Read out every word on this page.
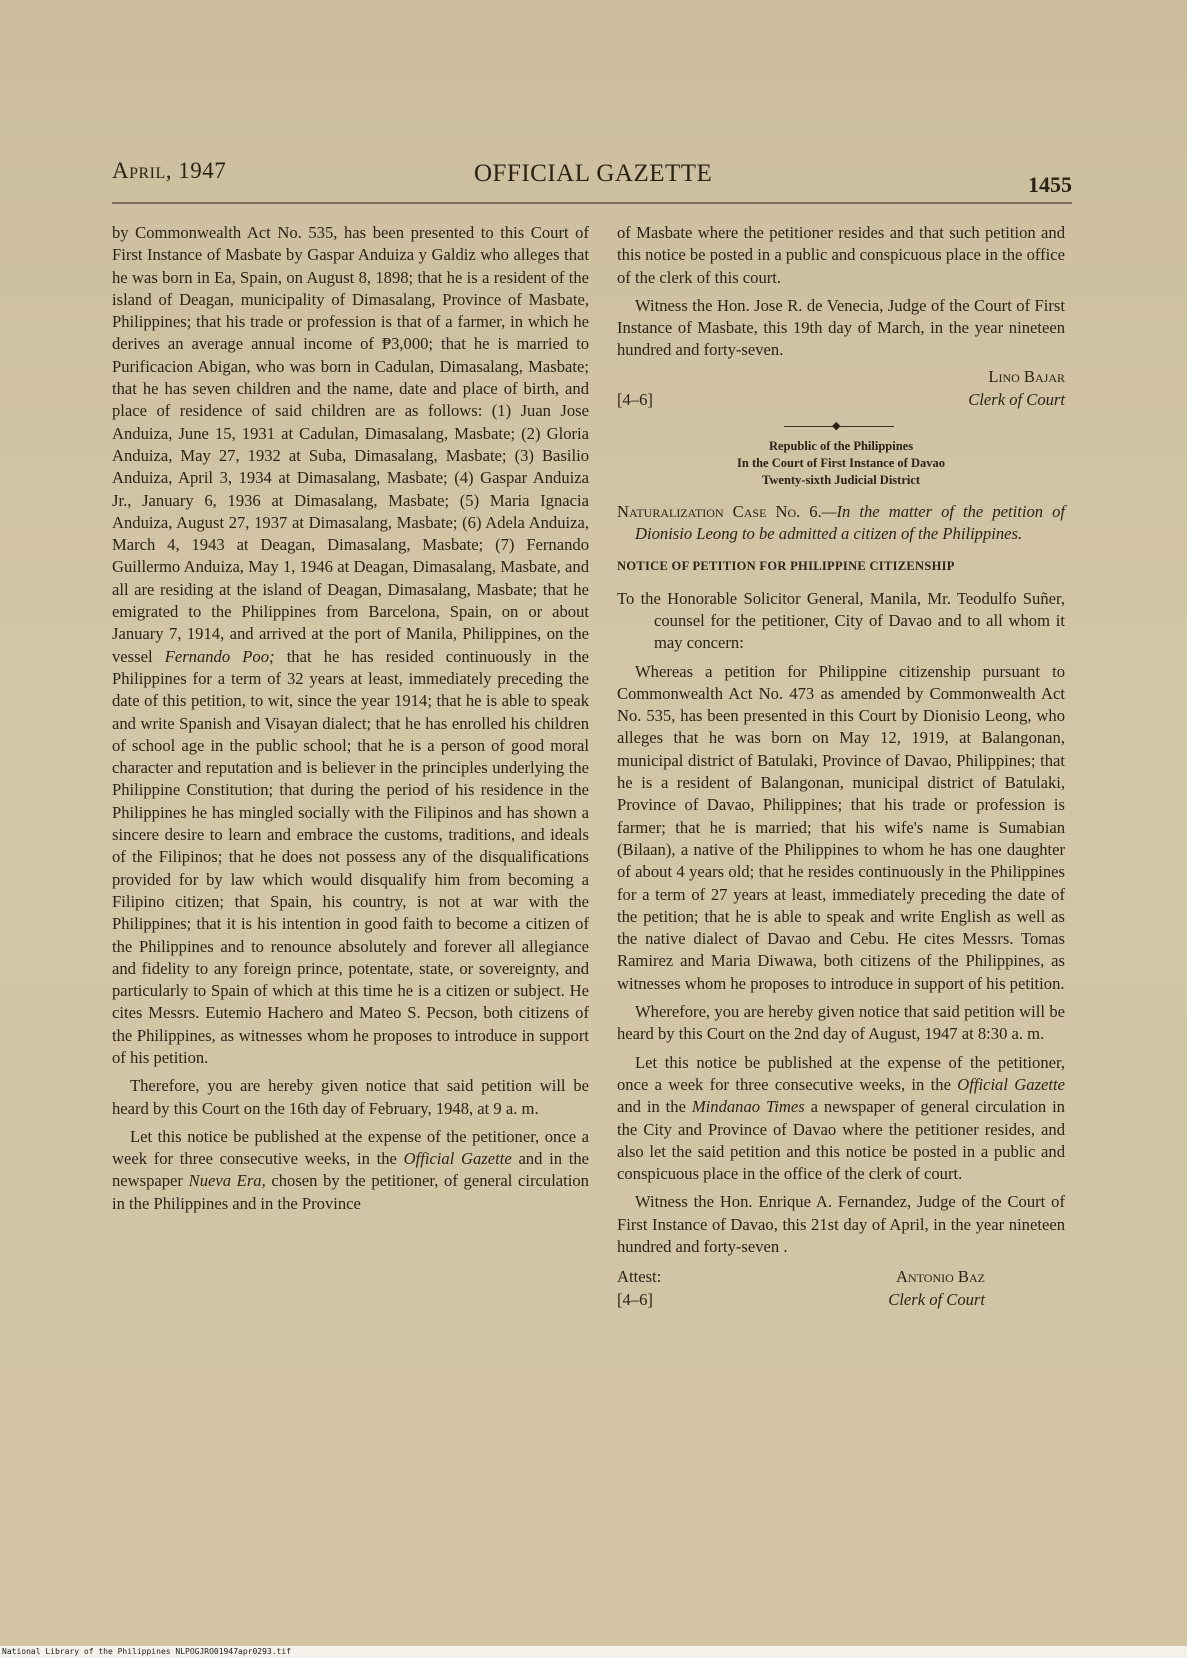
April, 1947	OFFICIAL GAZETTE	1455

by Commonwealth Act No. 535, has been presented to this Court of First Instance of Masbate by Gaspar Anduiza y Galdiz who alleges that he was born in Ea, Spain, on August 8, 1898; that he is a resident of the island of Deagan, municipality of Dimasalang, Province of Masbate, Philippines; that his trade or profession is that of a farmer, in which he derives an average annual income of ₱3,000; that he is married to Purificacion Abigan, who was born in Cadulan, Dimasalang, Masbate; that he has seven children and the name, date and place of birth, and place of residence of said children are as follows: (1) Juan Jose Anduiza, June 15, 1931 at Cadulan, Dimasalang, Masbate; (2) Gloria Anduiza, May 27, 1932 at Suba, Dimasalang, Masbate; (3) Basilio Anduiza, April 3, 1934 at Dimasalang, Masbate; (4) Gaspar Anduiza Jr., January 6, 1936 at Dimasalang, Masbate; (5) Maria Ignacia Anduiza, August 27, 1937 at Dimasalang, Masbate; (6) Adela Anduiza, March 4, 1943 at Deagan, Dimasalang, Masbate; (7) Fernando Guillermo Anduiza, May 1, 1946 at Deagan, Dimasalang, Masbate, and all are residing at the island of Deagan, Dimasalang, Masbate; that he emigrated to the Philippines from Barcelona, Spain, on or about January 7, 1914, and arrived at the port of Manila, Philippines, on the vessel Fernando Poo; that he has resided continuously in the Philippines for a term of 32 years at least, immediately preceding the date of this petition, to wit, since the year 1914; that he is able to speak and write Spanish and Visayan dialect; that he has enrolled his children of school age in the public school; that he is a person of good moral character and reputation and is believer in the principles underlying the Philippine Constitution; that during the period of his residence in the Philippines he has mingled socially with the Filipinos and has shown a sincere desire to learn and embrace the customs, traditions, and ideals of the Filipinos; that he does not possess any of the disqualifications provided for by law which would disqualify him from becoming a Filipino citizen; that Spain, his country, is not at war with the Philippines; that it is his intention in good faith to become a citizen of the Philippines and to renounce absolutely and forever all allegiance and fidelity to any foreign prince, potentate, state, or sovereignty, and particularly to Spain of which at this time he is a citizen or subject. He cites Messrs. Eutemio Hachero and Mateo S. Pecson, both citizens of the Philippines, as witnesses whom he proposes to introduce in support of his petition.

Therefore, you are hereby given notice that said petition will be heard by this Court on the 16th day of February, 1948, at 9 a. m.

Let this notice be published at the expense of the petitioner, once a week for three consecutive weeks, in the Official Gazette and in the newspaper Nueva Era, chosen by the petitioner, of general circulation in the Philippines and in the Province

of Masbate where the petitioner resides and that such petition and this notice be posted in a public and conspicuous place in the office of the clerk of this court.

Witness the Hon. Jose R. de Venecia, Judge of the Court of First Instance of Masbate, this 19th day of March, in the year nineteen hundred and forty-seven.

Lino Bajar
[4–6]	Clerk of Court
◆
Republic of the Philippines
In the Court of First Instance of Davao
Twenty-sixth Judicial District

Naturalization Case No. 6.—In the matter of the petition of Dionisio Leong to be admitted a citizen of the Philippines.

NOTICE OF PETITION FOR PHILIPPINE CITIZENSHIP

To the Honorable Solicitor General, Manila, Mr. Teodulfo Suñer, counsel for the petitioner, City of Davao and to all whom it may concern:

Whereas a petition for Philippine citizenship pursuant to Commonwealth Act No. 473 as amended by Commonwealth Act No. 535, has been presented in this Court by Dionisio Leong, who alleges that he was born on May 12, 1919, at Balangonan, municipal district of Batulaki, Province of Davao, Philippines; that he is a resident of Balangonan, municipal district of Batulaki, Province of Davao, Philippines; that his trade or profession is farmer; that he is married; that his wife's name is Sumabian (Bilaan), a native of the Philippines to whom he has one daughter of about 4 years old; that he resides continuously in the Philippines for a term of 27 years at least, immediately preceding the date of the petition; that he is able to speak and write English as well as the native dialect of Davao and Cebu. He cites Messrs. Tomas Ramirez and Maria Diwawa, both citizens of the Philippines, as witnesses whom he proposes to introduce in support of his petition.

Wherefore, you are hereby given notice that said petition will be heard by this Court on the 2nd day of August, 1947 at 8:30 a. m.

Let this notice be published at the expense of the petitioner, once a week for three consecutive weeks, in the Official Gazette and in the Mindanao Times a newspaper of general circulation in the City and Province of Davao where the petitioner resides, and also let the said petition and this notice be posted in a public and conspicuous place in the office of the clerk of court.

Witness the Hon. Enrique A. Fernandez, Judge of the Court of First Instance of Davao, this 21st day of April, in the year nineteen hundred and forty-seven .

Attest:
[4–6]
Antonio Baz
Clerk of Court
National Library of the Philippines NLPOGJRO01947apr0293.tif
